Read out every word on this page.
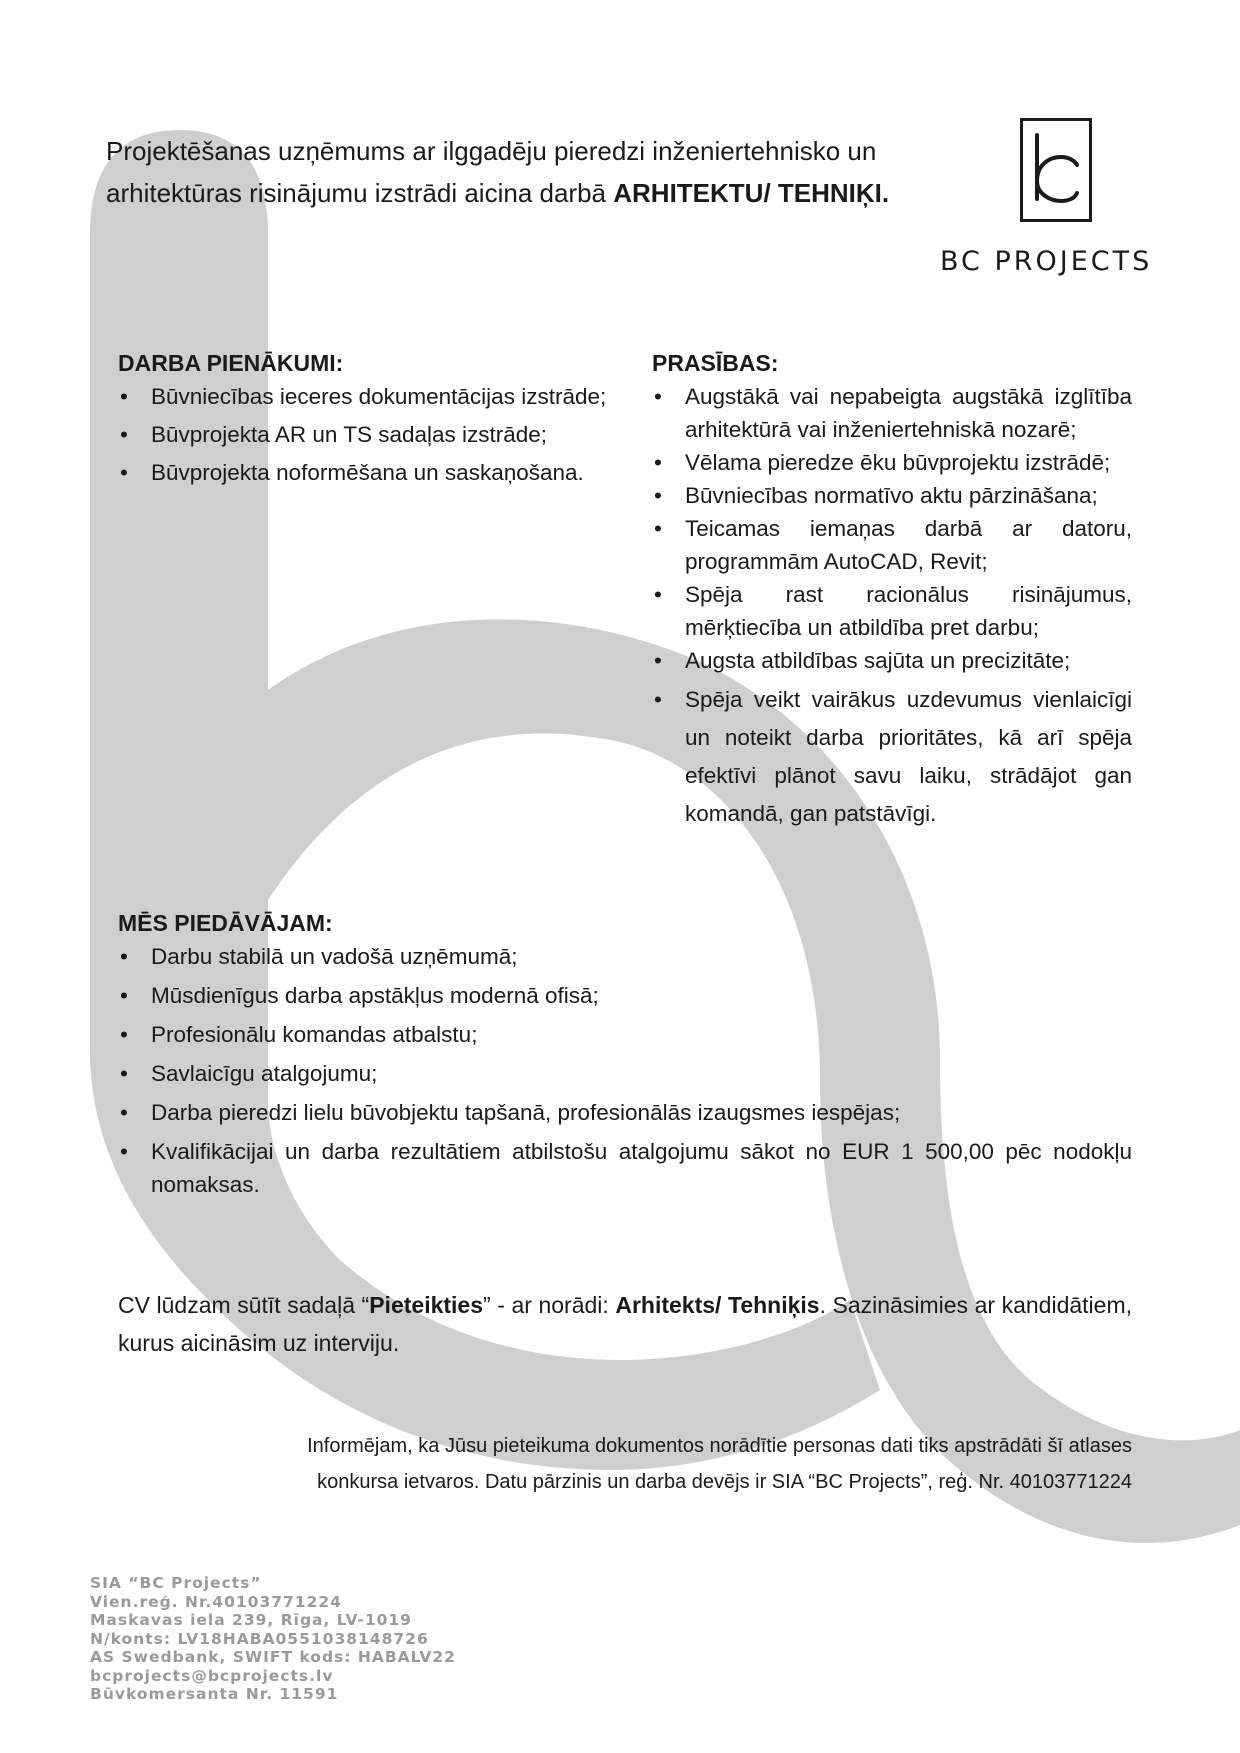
Projektēšanas uzņēmums ar ilggadēju pieredzi inženiertehnisko un arhitektūras risinājumu izstrādi aicina darbā ARHITEKTU/ TEHNIĶI.
BC PROJECTS
DARBA PIENĀKUMI:
• Būvniecības ieceres dokumentācijas izstrāde;
• Būvprojekta AR un TS sadaļas izstrāde;
• Būvprojekta noformēšana un saskaņošana.
PRASĪBAS:
• Augstākā vai nepabeigta augstākā izglītība arhitektūrā vai inženiertehniskā nozarē;
• Vēlama pieredze ēku būvprojektu izstrādē;
• Būvniecības normatīvo aktu pārzināšana;
• Teicamas iemaņas darbā ar datoru, programmām AutoCAD, Revit;
• Spēja rast racionālus risinājumus, mērķtiecība un atbildība pret darbu;
• Augsta atbildības sajūta un precizitāte;
• Spēja veikt vairākus uzdevumus vienlaicīgi un noteikt darba prioritātes, kā arī spēja efektīvi plānot savu laiku, strādājot gan komandā, gan patstāvīgi.
MĒS PIEDĀVĀJAM:
• Darbu stabilā un vadošā uzņēmumā;
• Mūsdienīgus darba apstākļus modernā ofisā;
• Profesionālu komandas atbalstu;
• Savlaicīgu atalgojumu;
• Darba pieredzi lielu būvobjektu tapšanā, profesionālās izaugsmes iespējas;
• Kvalifikācijai un darba rezultātiem atbilstošu atalgojumu sākot no EUR 1 500,00 pēc nodokļu nomaksas.
CV lūdzam sūtīt sadaļā “Pieteikties” - ar norādi: Arhitekts/ Tehniķis. Sazināsimies ar kandidātiem, kurus aicināsim uz interviju.
Informējam, ka Jūsu pieteikuma dokumentos norādītie personas dati tiks apstrādāti šī atlases
konkursa ietvaros. Datu pārzinis un darba devējs ir SIA “BC Projects”, reģ. Nr. 40103771224
SIA “BC Projects”
Vien.reģ. Nr.40103771224
Maskavas iela 239, Rīga, LV-1019
N/konts: LV18HABA0551038148726
AS Swedbank, SWIFT kods: HABALV22
bcprojects@bcprojects.lv
Būvkomersanta Nr. 11591
